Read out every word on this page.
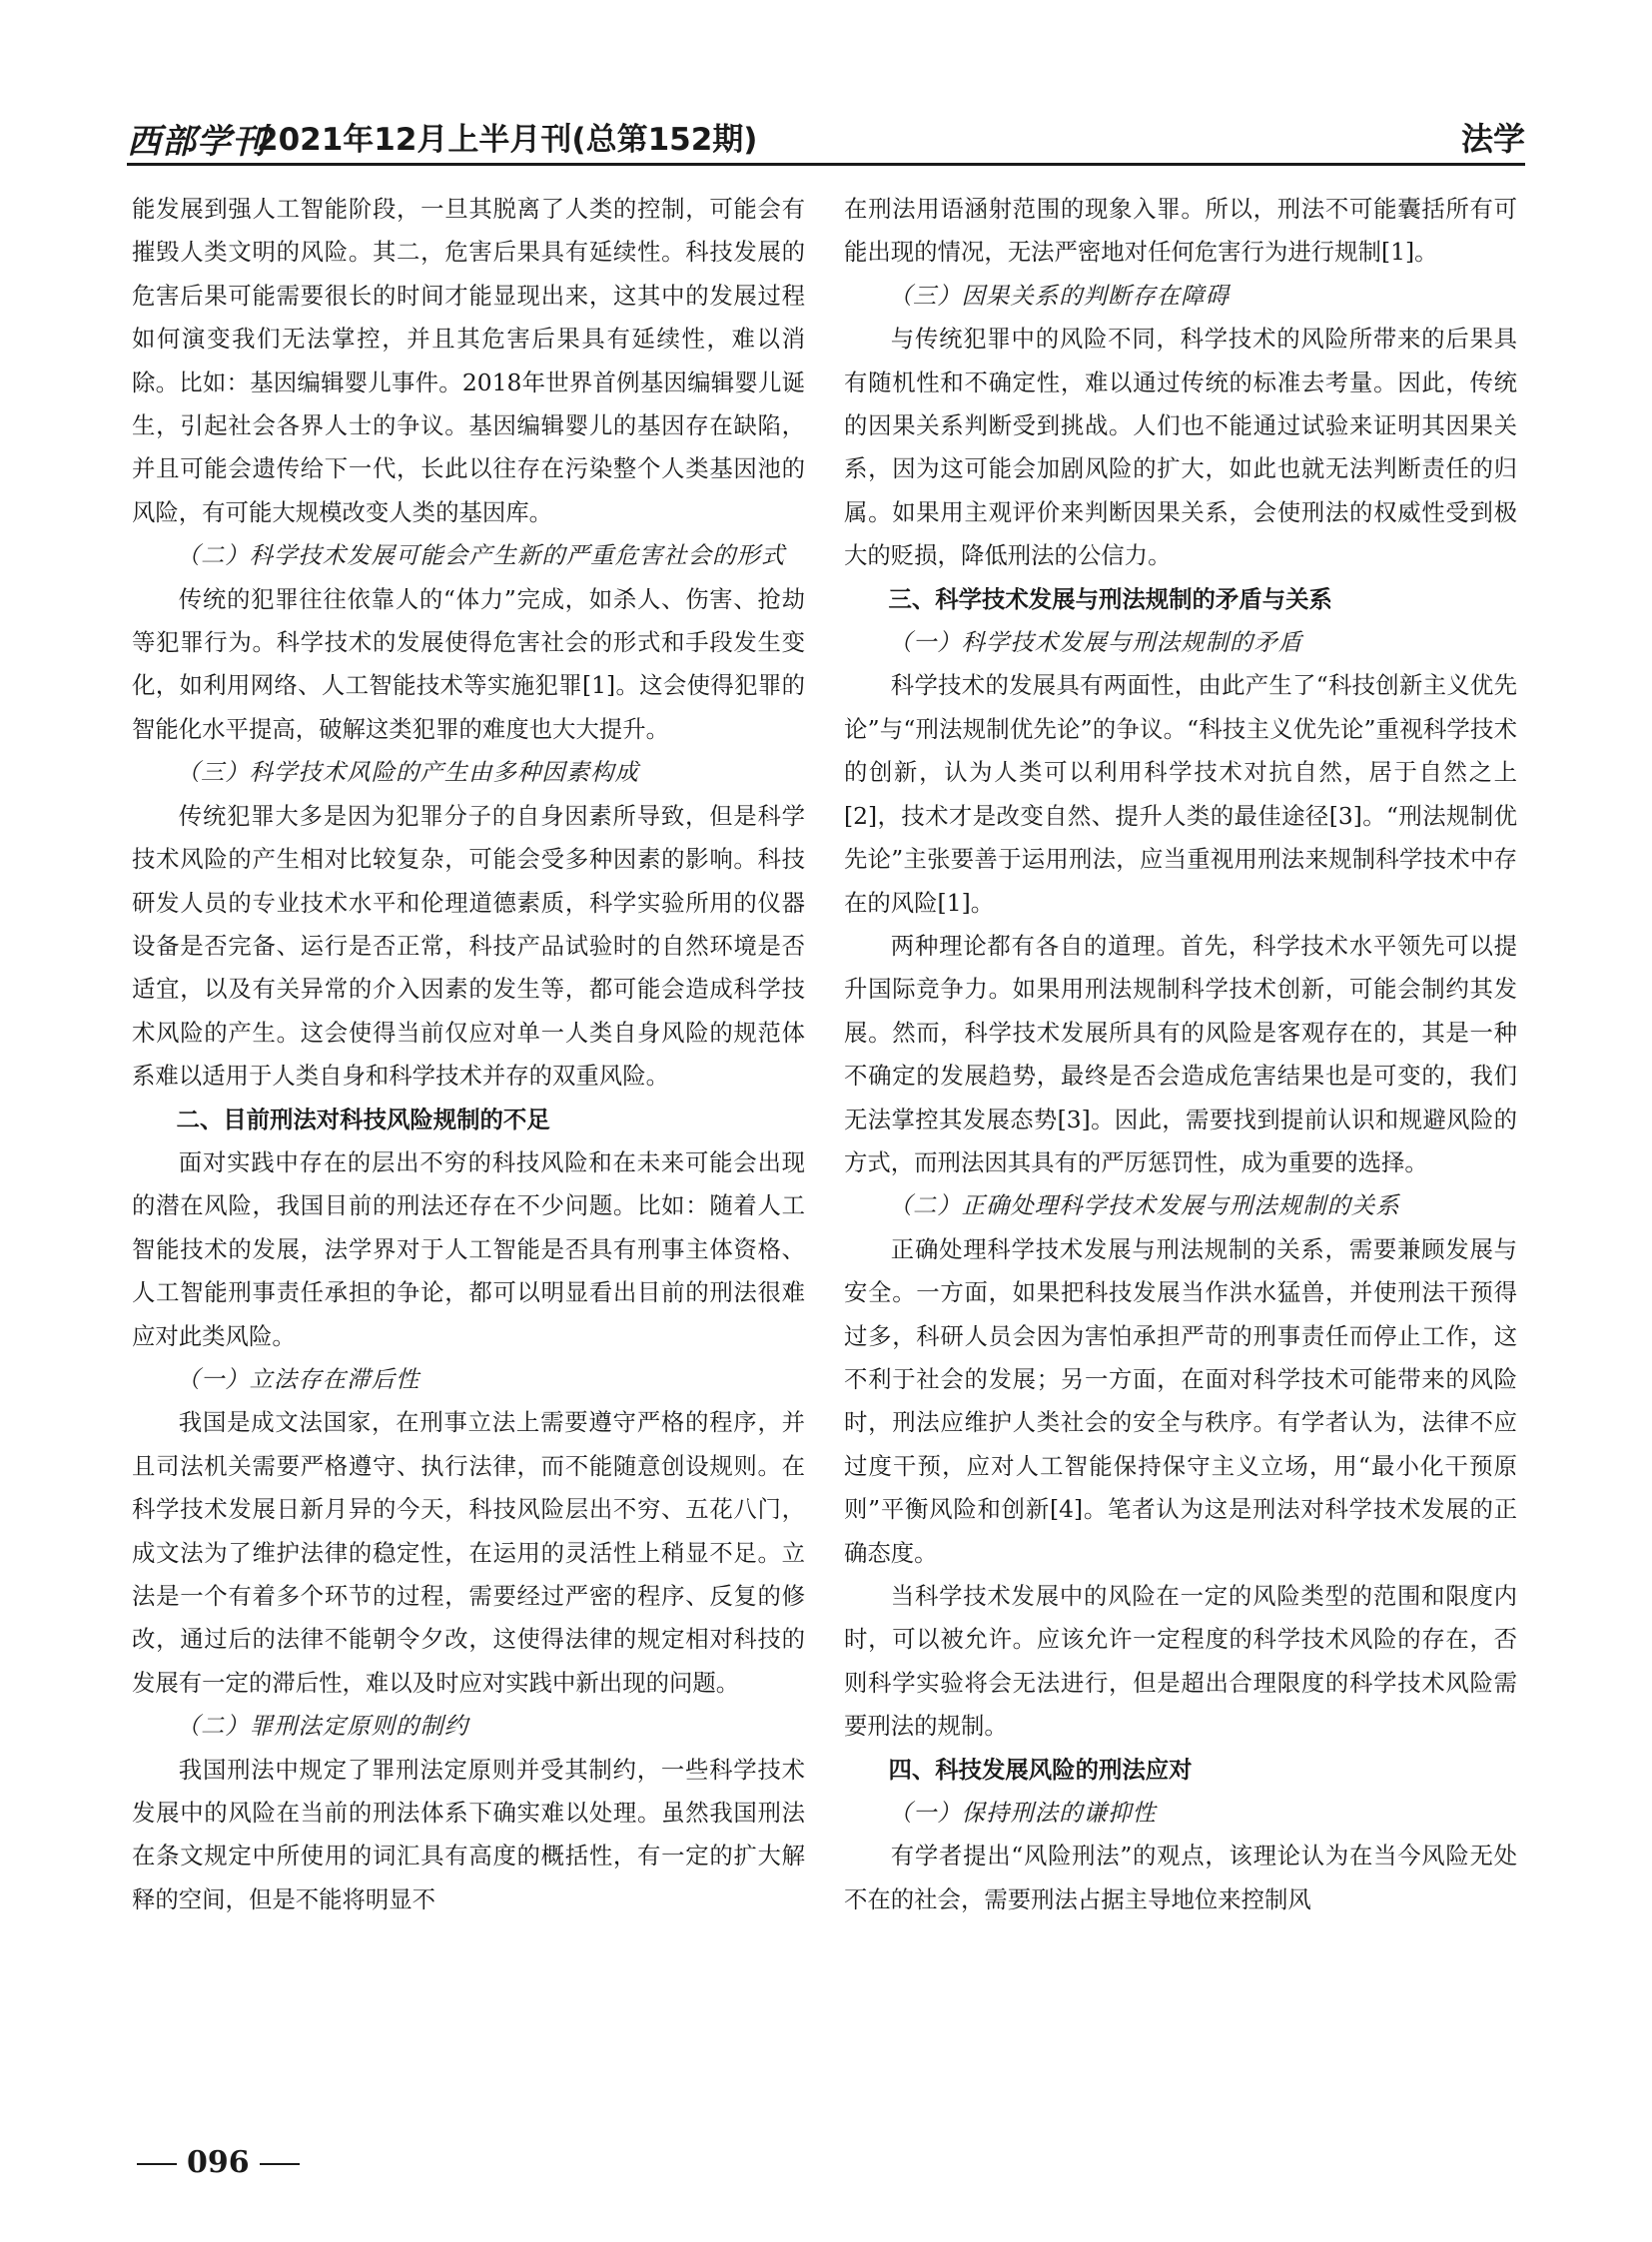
西部学刊
2021年12月上半月刊(总第152期)	法学

能发展到强人工智能阶段，一旦其脱离了人类的控制，可能会有摧毁人类文明的风险。其二，危害后果具有延续性。科技发展的危害后果可能需要很长的时间才能显现出来，这其中的发展过程如何演变我们无法掌控，并且其危害后果具有延续性，难以消除。比如：基因编辑婴儿事件。2018年世界首例基因编辑婴儿诞生，引起社会各界人士的争议。基因编辑婴儿的基因存在缺陷，并且可能会遗传给下一代，长此以往存在污染整个人类基因池的风险，有可能大规模改变人类的基因库。

（二）科学技术发展可能会产生新的严重危害社会的形式

传统的犯罪往往依靠人的“体力”完成，如杀人、伤害、抢劫等犯罪行为。科学技术的发展使得危害社会的形式和手段发生变化，如利用网络、人工智能技术等实施犯罪[1]。这会使得犯罪的智能化水平提高，破解这类犯罪的难度也大大提升。

（三）科学技术风险的产生由多种因素构成

传统犯罪大多是因为犯罪分子的自身因素所导致，但是科学技术风险的产生相对比较复杂，可能会受多种因素的影响。科技研发人员的专业技术水平和伦理道德素质，科学实验所用的仪器设备是否完备、运行是否正常，科技产品试验时的自然环境是否适宜，以及有关异常的介入因素的发生等，都可能会造成科学技术风险的产生。这会使得当前仅应对单一人类自身风险的规范体系难以适用于人类自身和科学技术并存的双重风险。

二、目前刑法对科技风险规制的不足

面对实践中存在的层出不穷的科技风险和在未来可能会出现的潜在风险，我国目前的刑法还存在不少问题。比如：随着人工智能技术的发展，法学界对于人工智能是否具有刑事主体资格、人工智能刑事责任承担的争论，都可以明显看出目前的刑法很难应对此类风险。

（一）立法存在滞后性

我国是成文法国家，在刑事立法上需要遵守严格的程序，并且司法机关需要严格遵守、执行法律，而不能随意创设规则。在科学技术发展日新月异的今天，科技风险层出不穷、五花八门，成文法为了维护法律的稳定性，在运用的灵活性上稍显不足。立法是一个有着多个环节的过程，需要经过严密的程序、反复的修改，通过后的法律不能朝令夕改，这使得法律的规定相对科技的发展有一定的滞后性，难以及时应对实践中新出现的问题。

（二）罪刑法定原则的制约

我国刑法中规定了罪刑法定原则并受其制约，一些科学技术发展中的风险在当前的刑法体系下确实难以处理。虽然我国刑法在条文规定中所使用的词汇具有高度的概括性，有一定的扩大解释的空间，但是不能将明显不

在刑法用语涵射范围的现象入罪。所以，刑法不可能囊括所有可能出现的情况，无法严密地对任何危害行为进行规制[1]。

（三）因果关系的判断存在障碍

与传统犯罪中的风险不同，科学技术的风险所带来的后果具有随机性和不确定性，难以通过传统的标准去考量。因此，传统的因果关系判断受到挑战。人们也不能通过试验来证明其因果关系，因为这可能会加剧风险的扩大，如此也就无法判断责任的归属。如果用主观评价来判断因果关系，会使刑法的权威性受到极大的贬损，降低刑法的公信力。

三、科学技术发展与刑法规制的矛盾与关系

（一）科学技术发展与刑法规制的矛盾

科学技术的发展具有两面性，由此产生了“科技创新主义优先论”与“刑法规制优先论”的争议。“科技主义优先论”重视科学技术的创新，认为人类可以利用科学技术对抗自然，居于自然之上[2]，技术才是改变自然、提升人类的最佳途径[3]。“刑法规制优先论”主张要善于运用刑法，应当重视用刑法来规制科学技术中存在的风险[1]。

两种理论都有各自的道理。首先，科学技术水平领先可以提升国际竞争力。如果用刑法规制科学技术创新，可能会制约其发展。然而，科学技术发展所具有的风险是客观存在的，其是一种不确定的发展趋势，最终是否会造成危害结果也是可变的，我们无法掌控其发展态势[3]。因此，需要找到提前认识和规避风险的方式，而刑法因其具有的严厉惩罚性，成为重要的选择。

（二）正确处理科学技术发展与刑法规制的关系

正确处理科学技术发展与刑法规制的关系，需要兼顾发展与安全。一方面，如果把科技发展当作洪水猛兽，并使刑法干预得过多，科研人员会因为害怕承担严苛的刑事责任而停止工作，这不利于社会的发展；另一方面，在面对科学技术可能带来的风险时，刑法应维护人类社会的安全与秩序。有学者认为，法律不应过度干预，应对人工智能保持保守主义立场，用“最小化干预原则”平衡风险和创新[4]。笔者认为这是刑法对科学技术发展的正确态度。

当科学技术发展中的风险在一定的风险类型的范围和限度内时，可以被允许。应该允许一定程度的科学技术风险的存在，否则科学实验将会无法进行，但是超出合理限度的科学技术风险需要刑法的规制。

四、科技发展风险的刑法应对

（一）保持刑法的谦抑性

有学者提出“风险刑法”的观点，该理论认为在当今风险无处不在的社会，需要刑法占据主导地位来控制风

096
